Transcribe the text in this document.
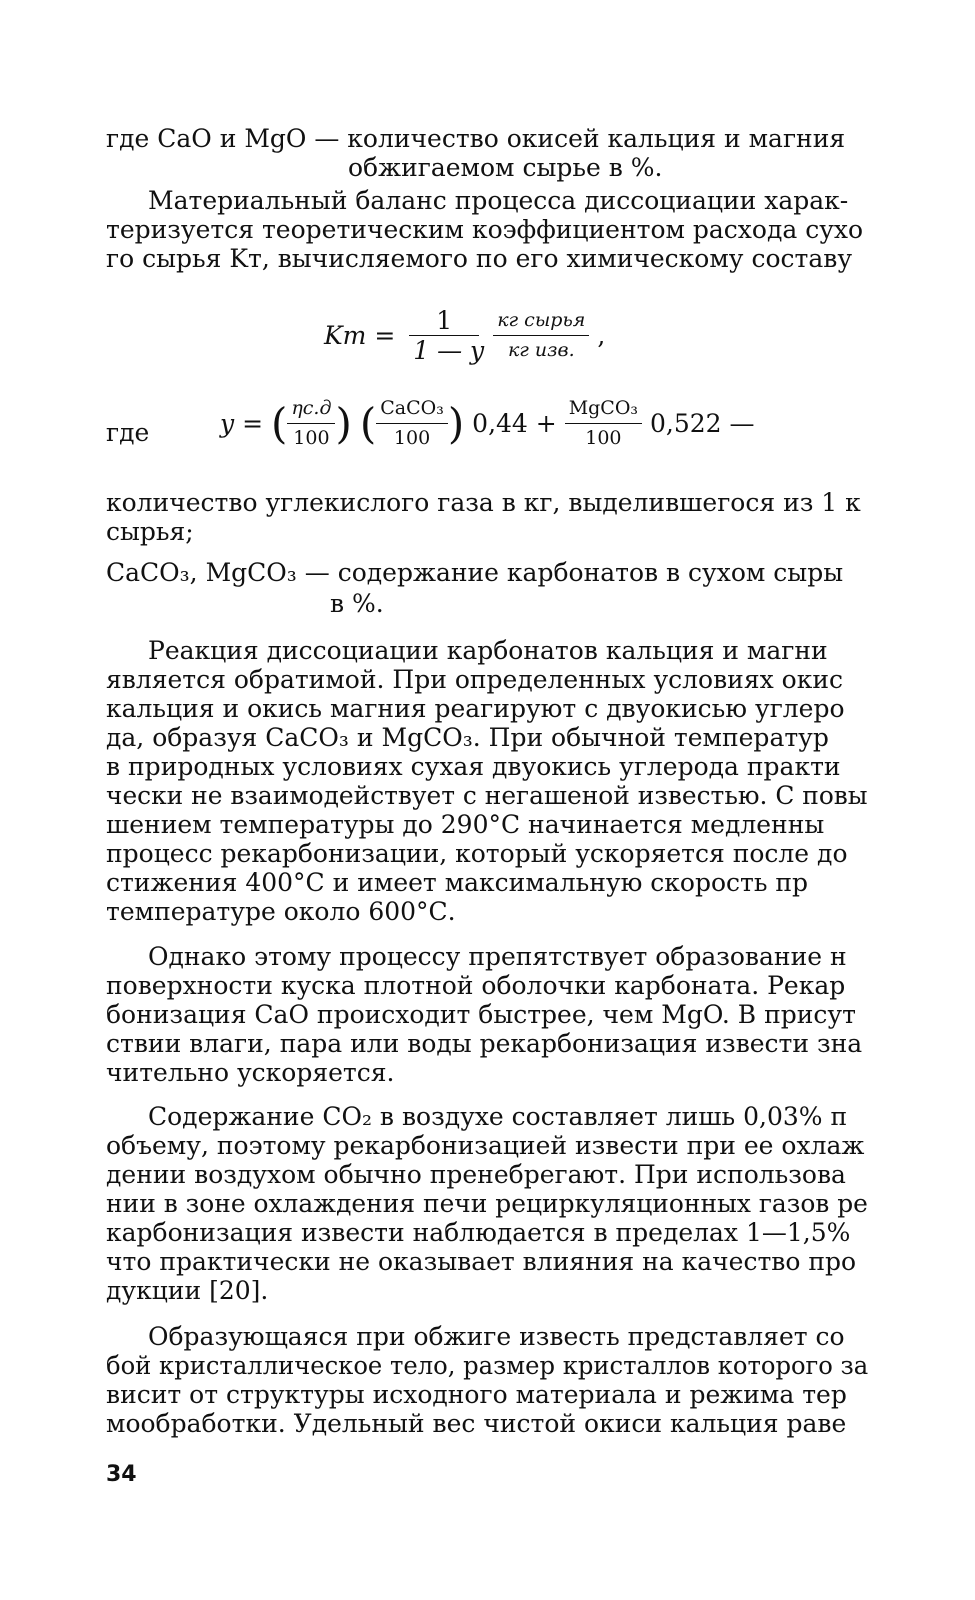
где CaO и MgO — количество окисей кальция и магния
обжигаемом сырье в %.
Материальный баланс процесса диссоциации харак-
теризуется теоретическим коэффициентом расхода сухо
го сырья Kт, вычисляемого по его химическому составу
Kт = $\frac{1}{1 — y}$
$\frac{\text{кг сырья}}{\text{кг изв.}}$ ,
где	y = ( $\frac{\eta с.д}{100}$ ) ( $\frac{\text{CaCO₃}}{100}$ ) $0,44 + \frac{\text{MgCO₃}}{100} 0,522$ —
количество углекислого газа в кг, выделившегося из 1 к
сырья;
CaCO₃, MgCO₃ — содержание карбонатов в сухом сыры
в %.
Реакция диссоциации карбонатов кальция и магни
является обратимой. При определенных условиях окис
кальция и окись магния реагируют с двуокисью углеро
да, образуя CaCO₃ и MgCO₃. При обычной температур
в природных условиях сухая двуокись углерода практи
чески не взаимодействует с негашеной известью. С повы
шением температуры до 290°С начинается медленны
процесс рекарбонизации, который ускоряется после до
стижения 400°С и имеет максимальную скорость пр
температуре около 600°С.
Однако этому процессу препятствует образование н
поверхности куска плотной оболочки карбоната. Рекар
бонизация CaO происходит быстрее, чем MgO. В присут
ствии влаги, пара или воды рекарбонизация извести зна
чительно ускоряется.
Содержание CO₂ в воздухе составляет лишь 0,03% п
объему, поэтому рекарбонизацией извести при ее охлаж
дении воздухом обычно пренебрегают. При использова
нии в зоне охлаждения печи рециркуляционных газов ре
карбонизация извести наблюдается в пределах 1—1,5%
что практически не оказывает влияния на качество про
дукции [20].
Образующаяся при обжиге известь представляет со
бой кристаллическое тело, размер кристаллов которого за
висит от структуры исходного материала и режима тер
мообработки. Удельный вес чистой окиси кальция раве
34
